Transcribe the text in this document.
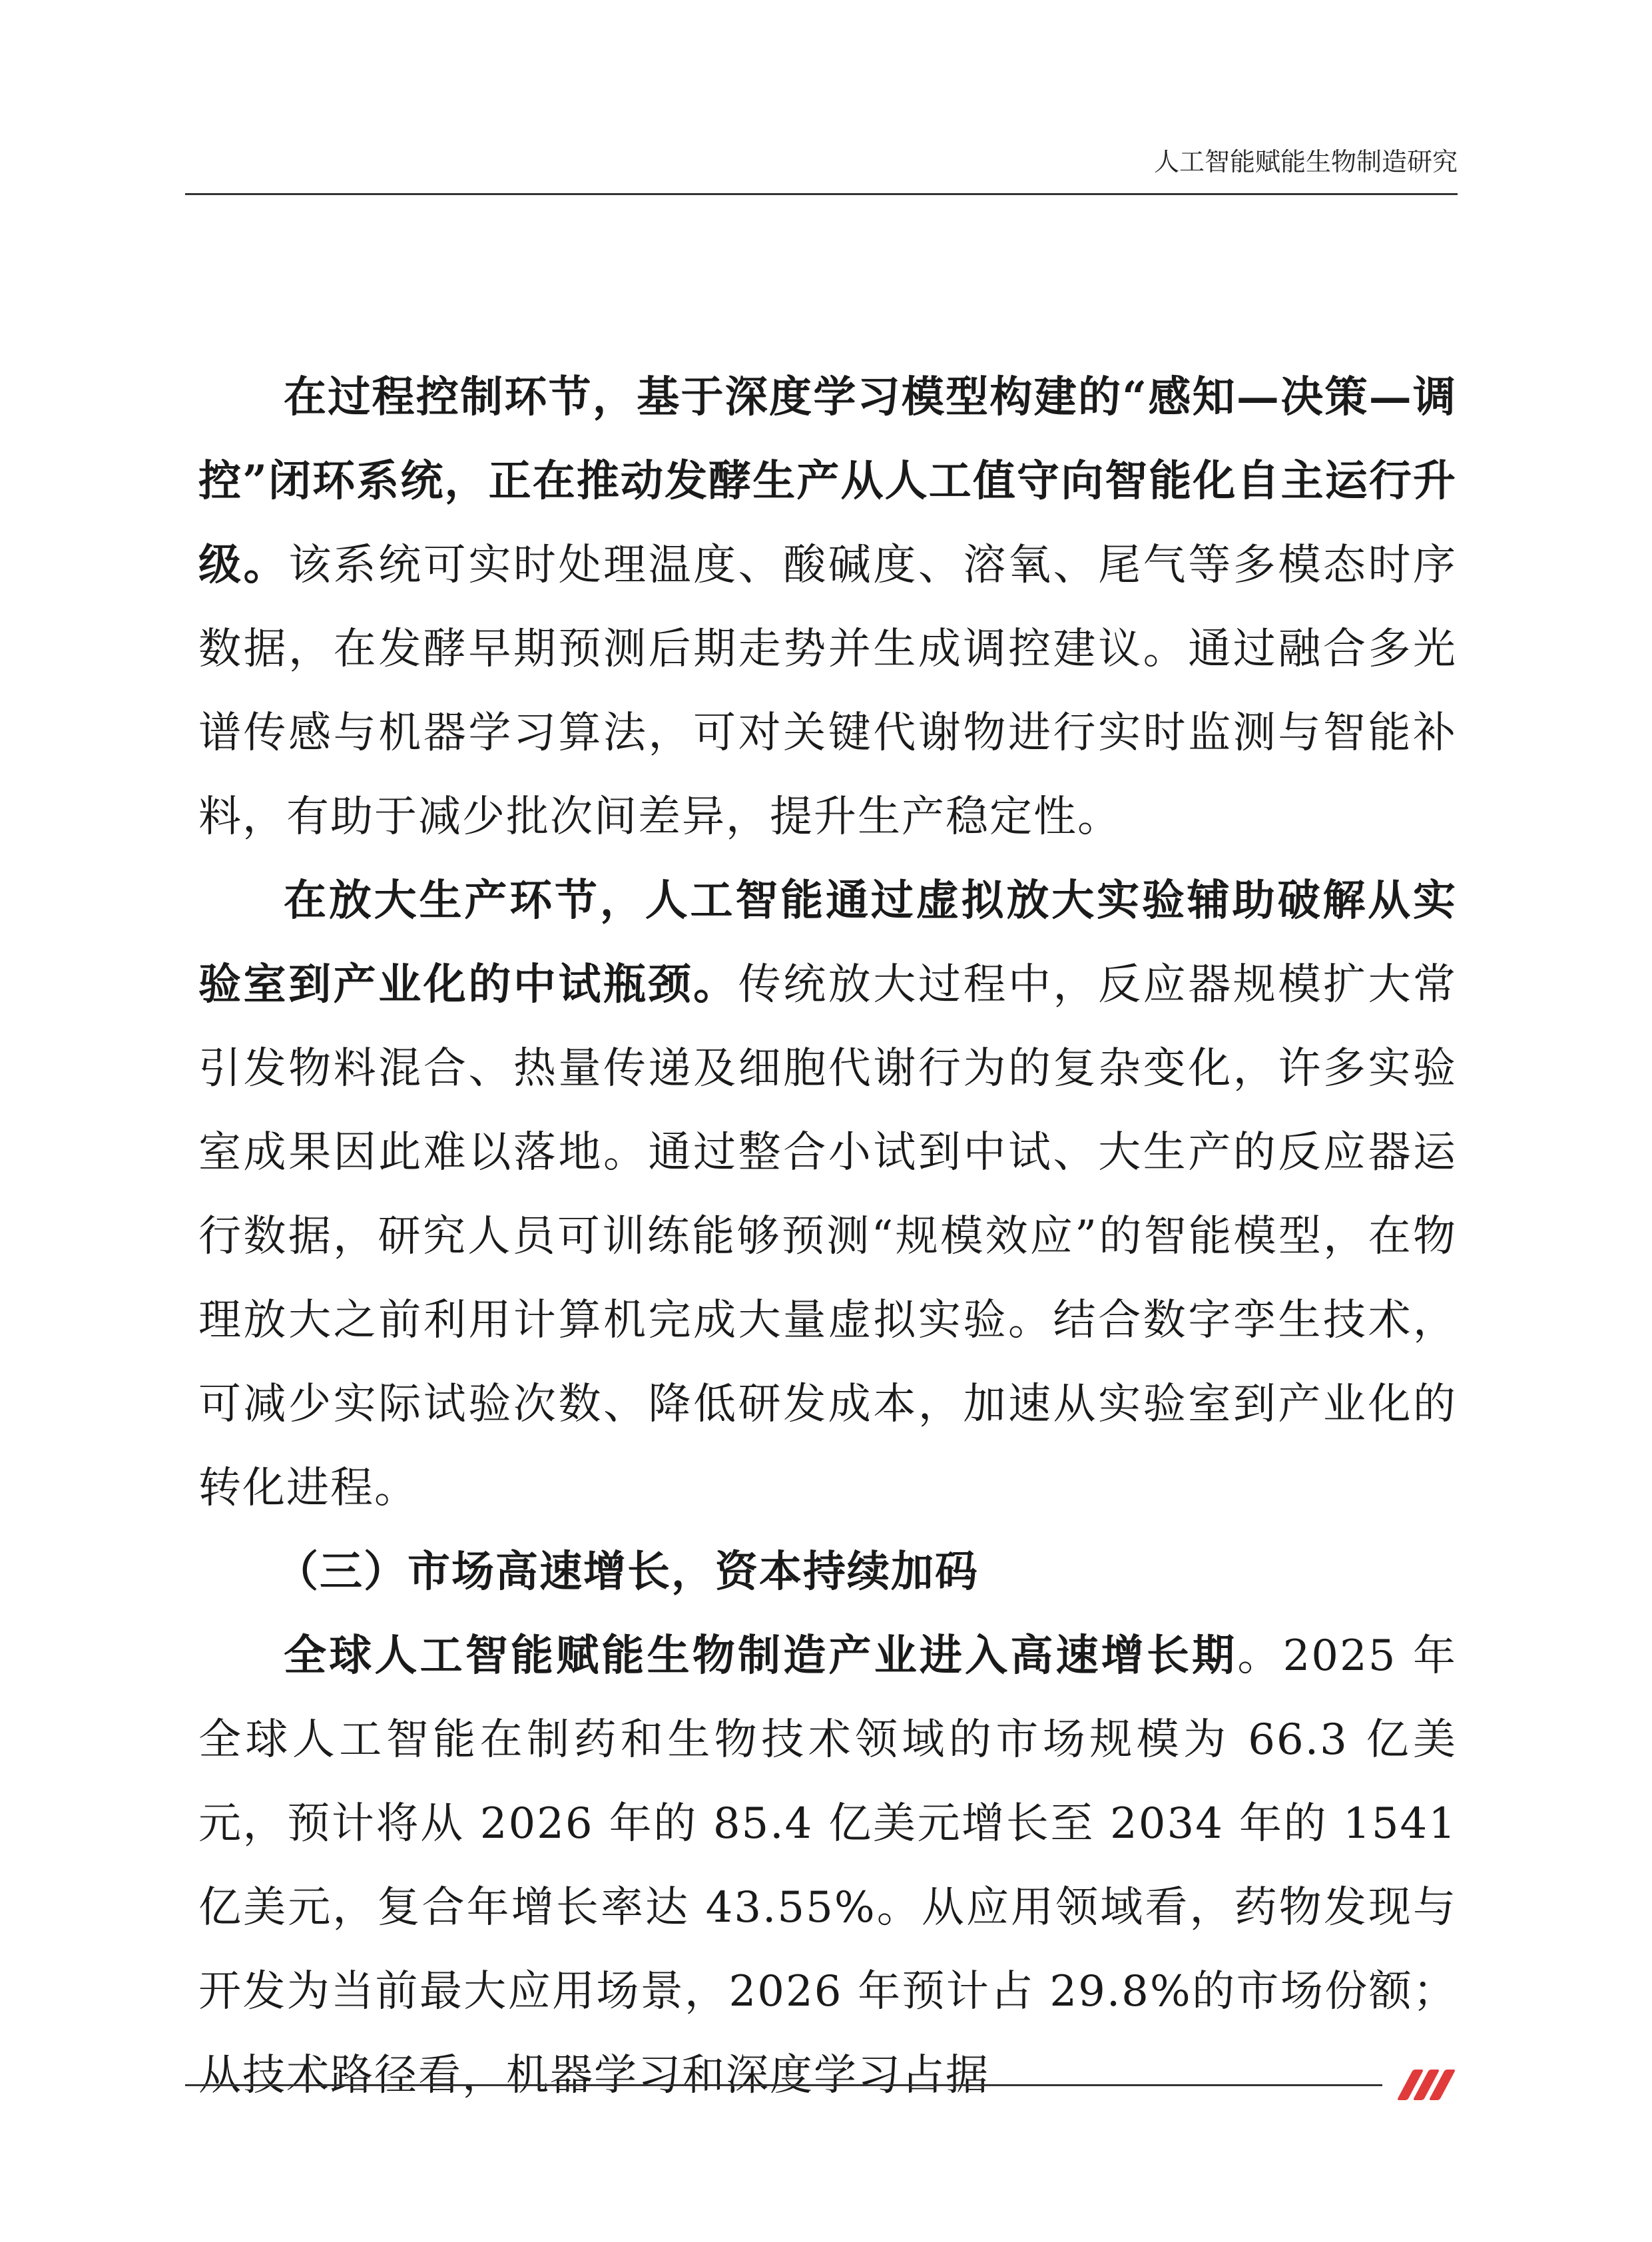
人工智能赋能生物制造研究

在过程控制环节，基于深度学习模型构建的“感知—决策—调控”闭环系统，正在推动发酵生产从人工值守向智能化自主运行升级。该系统可实时处理温度、酸碱度、溶氧、尾气等多模态时序数据，在发酵早期预测后期走势并生成调控建议。通过融合多光谱传感与机器学习算法，可对关键代谢物进行实时监测与智能补料，有助于减少批次间差异，提升生产稳定性。

在放大生产环节，人工智能通过虚拟放大实验辅助破解从实验室到产业化的中试瓶颈。传统放大过程中，反应器规模扩大常引发物料混合、热量传递及细胞代谢行为的复杂变化，许多实验室成果因此难以落地。通过整合小试到中试、大生产的反应器运行数据，研究人员可训练能够预测“规模效应”的智能模型，在物理放大之前利用计算机完成大量虚拟实验。结合数字孪生技术，可减少实际试验次数、降低研发成本，加速从实验室到产业化的转化进程。

（三）市场高速增长，资本持续加码

全球人工智能赋能生物制造产业进入高速增长期。2025 年全球人工智能在制药和生物技术领域的市场规模为 66.3 亿美元，预计将从 2026 年的 85.4 亿美元增长至 2034 年的 1541 亿美元，复合年增长率达 43.55%。从应用领域看，药物发现与开发为当前最大应用场景，2026 年预计占 29.8%的市场份额；从技术路径看，机器学习和深度学习占据
